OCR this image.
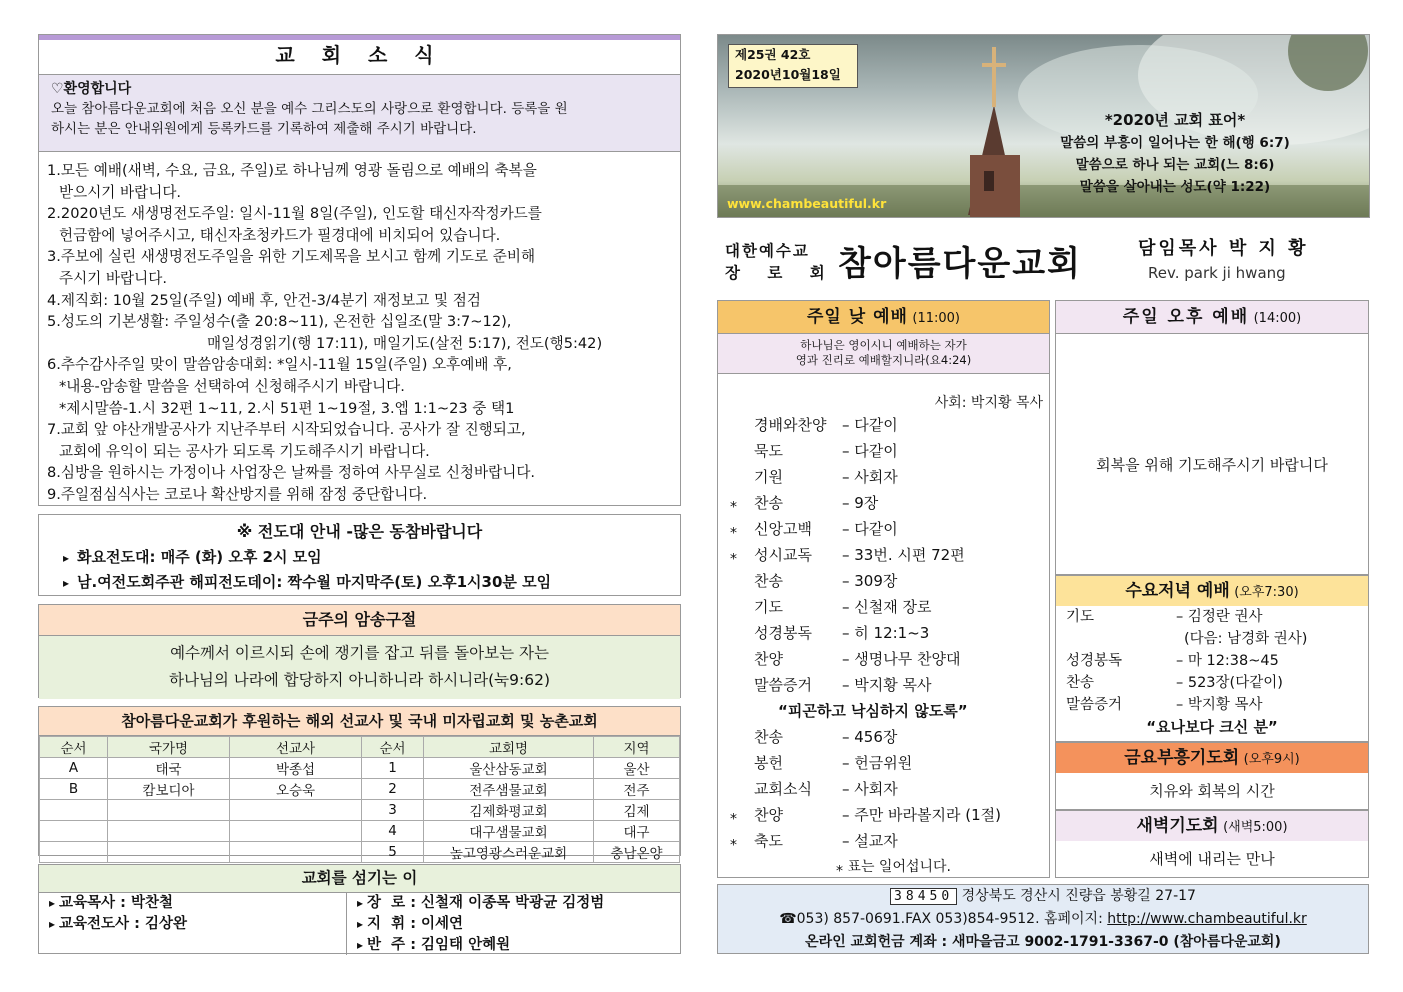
교 회 소 식
♡환영합니다
오늘 참아름다운교회에 처음 오신 분을 예수 그리스도의 사랑으로 환영합니다. 등록을 원
하시는 분은 안내위원에게 등록카드를 기록하여 제출해 주시기 바랍니다.
1.모든 예배(새벽, 수요, 금요, 주일)로 하나님께 영광 돌림으로 예배의 축복을
받으시기 바랍니다.
2.2020년도 새생명전도주일: 일시-11월 8일(주일), 인도할 태신자작정카드를
헌금함에 넣어주시고, 태신자초청카드가 필경대에 비치되어 있습니다.
3.주보에 실린 새생명전도주일을 위한 기도제목을 보시고 함께 기도로 준비해
주시기 바랍니다.
4.제직회: 10월 25일(주일) 예배 후, 안건-3/4분기 재정보고 및 점검
5.성도의 기본생활: 주일성수(출 20:8~11), 온전한 십일조(말 3:7~12),
매일성경읽기(행 17:11), 매일기도(살전 5:17), 전도(행5:42)
6.추수감사주일 맞이 말씀암송대회: *일시-11월 15일(주일) 오후예배 후,
*내용-암송할 말씀을 선택하여 신청해주시기 바랍니다.
*제시말씀-1.시 32편 1~11, 2.시 51편 1~19절, 3.엡 1:1~23 중 택1
7.교회 앞 야산개발공사가 지난주부터 시작되었습니다. 공사가 잘 진행되고,
교회에 유익이 되는 공사가 되도록 기도해주시기 바랍니다.
8.심방을 원하시는 가정이나 사업장은 날짜를 정하여 사무실로 신청바랍니다.
9.주일점심식사는 코로나 확산방지를 위해 잠정 중단합니다.
※ 전도대 안내 -많은 동참바랍니다
▸ 화요전도대: 매주 (화) 오후 2시 모임
▸ 남.여전도회주관 해피전도데이: 짝수월 마지막주(토) 오후1시30분 모임
금주의 암송구절
예수께서 이르시되 손에 쟁기를 잡고 뒤를 돌아보는 자는
하나님의 나라에 합당하지 아니하니라 하시니라(눅9:62)
참아름다운교회가 후원하는 해외 선교사 및 국내 미자립교회 및 농촌교회
순서	국가명	선교사	순서	교회명	지역
A	태국	박종섭	1	울산삼동교회	울산
B	캄보디아	오승욱	2	전주샘물교회	전주
			3	김제화평교회	김제
			4	대구샘물교회	대구
			5	높고영광스러운교회	충남온양
교회를 섬기는 이
▸ 교육목사 : 박찬철
▸ 교육전도사 : 김상완
▸ 장  로 : 신철재 이종목 박광균 김정범
▸ 지  휘 : 이세연
▸ 반  주 : 김임태 안혜원
제25권 42호
2020년10월18일
*2020년 교회 표어*
말씀의 부흥이 일어나는 한 해(행 6:7)
말씀으로 하나 되는 교회(느 8:6)
말씀을 살아내는 성도(약 1:22)
www.chambeautiful.kr
대한예수교
장 로 회 참아름다운교회	담임목사 박 지 황
Rev. park ji hwang
주일 낮 예배 (11:00)
하나님은 영이시니 예배하는 자가
영과 진리로 예배할지니라(요4:24)
사회: 박지황 목사
경배와찬양	– 다같이
묵도	– 다같이
기원	– 사회자
⁎ 찬송	– 9장
⁎ 신앙고백	– 다같이
⁎ 성시교독	– 33번. 시편 72편
찬송	– 309장
기도	– 신철재 장로
성경봉독	– 히 12:1~3
찬양	– 생명나무 찬양대
말씀증거	– 박지황 목사
“피곤하고 낙심하지 않도록”
찬송	– 456장
봉헌	– 헌금위원
교회소식	– 사회자
⁎ 찬양	– 주만 바라볼지라 (1절)
⁎ 축도	– 설교자
⁎ 표는 일어섭니다.
주일 오후 예배 (14:00)
회복을 위해 기도해주시기 바랍니다
수요저녁 예배 (오후7:30)
기도	– 김정란 권사
(다음: 남경화 권사)
성경봉독	– 마 12:38~45
찬송	– 523장(다같이)
말씀증거	– 박지황 목사
“요나보다 크신 분”
금요부흥기도회 (오후9시)
치유와 회복의 시간
새벽기도회 (새벽5:00)
새벽에 내리는 만나
38450 경상북도 경산시 진량읍 봉황길 27-17
☎053) 857-0691.FAX 053)854-9512. 홈페이지: http://www.chambeautiful.kr
온라인 교회헌금 계좌 : 새마을금고 9002-1791-3367-0 (참아름다운교회)
